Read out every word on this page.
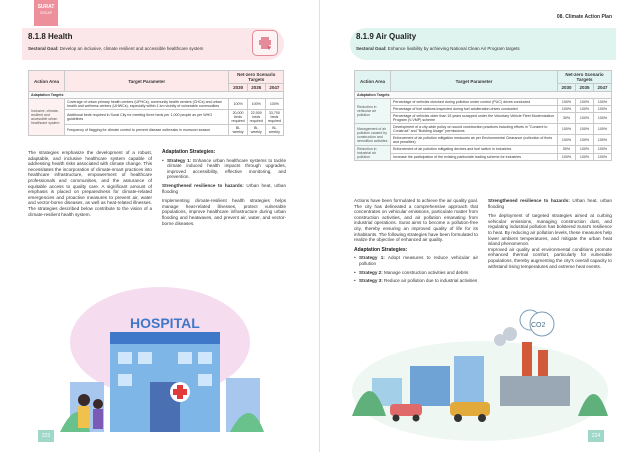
SURAT
CRCAP
8.1.8 Health
Sectoral Goal: Develop an inclusive, climate resilient and accessible healthcare system	♥
Action Area	Target Parameter	Net-zero Scenario Targets		
		2030	2035	2047
Adaptation Targets				
Inclusive, climate-resilient and accessible urban healthcare system	Coverage of urban primary health centers (UPHCs), community health centers (CHCs) and urban health and wellness centers (UHWCs), especially within 1 km vicinity of vulnerable communities	100%	100%	100%
	Additional beds required in Surat City for meeting three beds per 1,000 people as per WHO guidelines	20,000 beds required	22,000 beds required	33,700 beds required
	Frequency of flagging for climate control to prevent disease outbreaks in monsoon season	Bi-weekly	Bi-weekly	Bi-weekly
The strategies emphasize the development of a robust, adaptable, and inclusive healthcare system capable of addressing health risks associated with climate change. This necessitates the incorporation of climate-smart practices into healthcare infrastructure, empowerment of healthcare professionals and communities, and the assurance of equitable access to quality care. A significant amount of emphasis is placed on preparedness for climate-related emergencies and proactive measures to prevent air, water and vector-borne diseases, as well as heat-related illnesses. The strategies described below contribute to the vision of a climate-resilient health system.
Adaptation Strategies:
• Strategy 1: Enhance urban healthcare systems to tackle climate induced health impacts through upgrades, improved accessibility, effective monitoring, and prevention.

Strengthened resilience to hazards: Urban heat, urban flooding

Implementing climate-resilient health strategies helps manage heat-related illnesses, protect vulnerable populations, improve healthcare infrastructure during urban flooding and heatwaves, and prevent air, water, and vector-borne diseases.

HOSPITAL
223
08. Climate Action Plan
8.1.9 Air Quality
Sectoral Goal: Enhance livability by achieving National Clean Air Program targets
Action Area	Target Parameter	Net-zero Scenario Targets		
		2030	2035	2047
Adaptation Targets				
Reduction in vehicular air pollution	Percentage of vehicles checked during pollution under control (PUC) drives conducted	100%	100%	100%
	Percentage of fuel stations inspected during fuel adulteration drives conducted	100%	100%	100%
	Percentage of vehicles older than 15 years scrapped under the Voluntary Vehicle Fleet Modernization Program (V-VMP) scheme	30%	100%	100%
Management of air pollution caused by construction and demolition activities	Development of a city-wide policy on sound construction practices including efforts in "Consent to Construct" and "Building Usage" permissions	100%	100%	100%
	Enforcement of air pollution mitigation measures as per Environmental Clearance (collection of fines and penalties)	100%	100%	100%
Reduction in industrial air pollution	Enforcement of air pollution mitigating devices and fuel switch in industries	50%	100%	100%
	Increase the participation of the existing particulate trading scheme for industries	100%	100%	100%

Actions have been formulated to achieve the air quality goal. The city has delineated a comprehensive approach that concentrates on vehicular emissions, particulate matter from construction activities, and air pollution emanating from industrial operations. Surat aims to become a pollution-free city, thereby ensuring an improved quality of life for its inhabitants. The following strategies have been formulated to realize the objective of enhanced air quality.

Adaptation Strategies:
• Strategy 1: Adopt measures to reduce vehicular air pollution
• Strategy 2: Manage construction activities and debris
• Strategy 3: Reduce air pollution due to industrial activities

Strengthened resilience to hazards: Urban heat, urban flooding

The deployment of targeted strategies aimed at curbing vehicular emissions, managing construction dust, and regulating industrial pollution has bolstered Surat's resilience to heat. By reducing air pollution levels, these measures help lower ambient temperatures, and mitigate the urban heat island phenomenon.

Improved air quality and environmental conditions promote enhanced thermal comfort, particularly for vulnerable populations, thereby augmenting the city's overall capacity to withstand rising temperatures and extreme heat events.

CO2
224
